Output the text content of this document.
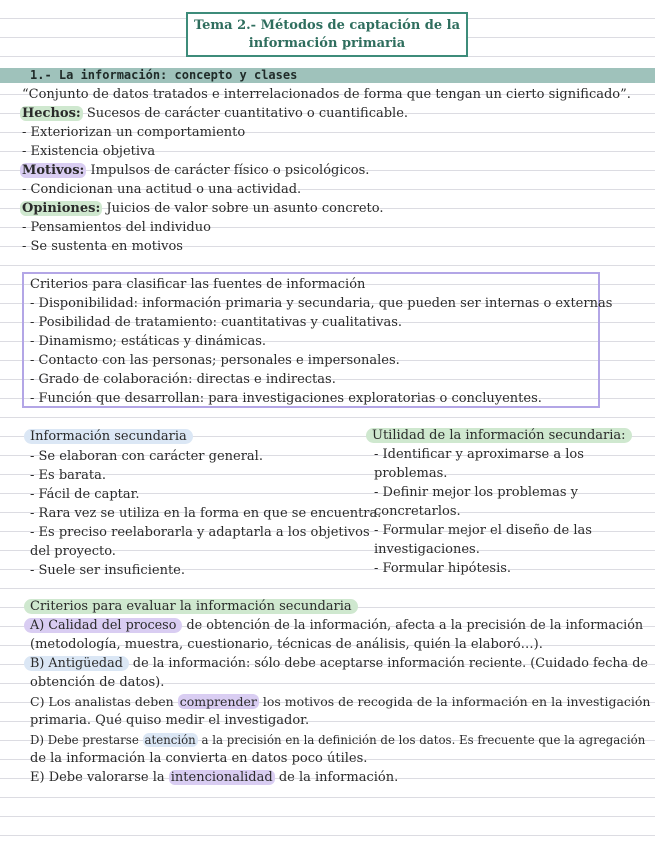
Tema 2.- Métodos de captación de la
información primaria
1.- La información: concepto y clases
“Conjunto de datos tratados e interrelacionados de forma que tengan un cierto significado”.
Hechos: Sucesos de carácter cuantitativo o cuantificable.
- Exteriorizan un comportamiento
- Existencia objetiva
Motivos: Impulsos de carácter físico o psicológicos.
- Condicionan una actitud o una actividad.
Opiniones: Juicios de valor sobre un asunto concreto.
- Pensamientos del individuo
- Se sustenta en motivos
Criterios para clasificar las fuentes de información
- Disponibilidad: información primaria y secundaria, que pueden ser internas o externas
- Posibilidad de tratamiento: cuantitativas y cualitativas.
- Dinamismo; estáticas y dinámicas.
- Contacto con las personas; personales e impersonales.
- Grado de colaboración: directas e indirectas.
- Función que desarrollan: para investigaciones exploratorias o concluyentes.
Información secundaria
- Se elaboran con carácter general.
- Es barata.
- Fácil de captar.
- Rara vez se utiliza en la forma en que se encuentra.
- Es preciso reelaborarla y adaptarla a los objetivos
del proyecto.
- Suele ser insuficiente.
Utilidad de la información secundaria:
- Identificar y aproximarse a los
problemas.
- Definir mejor los problemas y
concretarlos.
- Formular mejor el diseño de las
investigaciones.
- Formular hipótesis.
Criterios para evaluar la información secundaria
A) Calidad del proceso de obtención de la información, afecta a la precisión de la información
(metodología, muestra, cuestionario, técnicas de análisis, quién la elaboró…).
B) Antigüedad de la información: sólo debe aceptarse información reciente. (Cuidado fecha de
obtención de datos).
C) Los analistas deben comprender los motivos de recogida de la información en la investigación
primaria. Qué quiso medir el investigador.
D) Debe prestarse atención a la precisión en la definición de los datos. Es frecuente que la agregación
de la información la convierta en datos poco útiles.
E) Debe valorarse la intencionalidad de la información.
